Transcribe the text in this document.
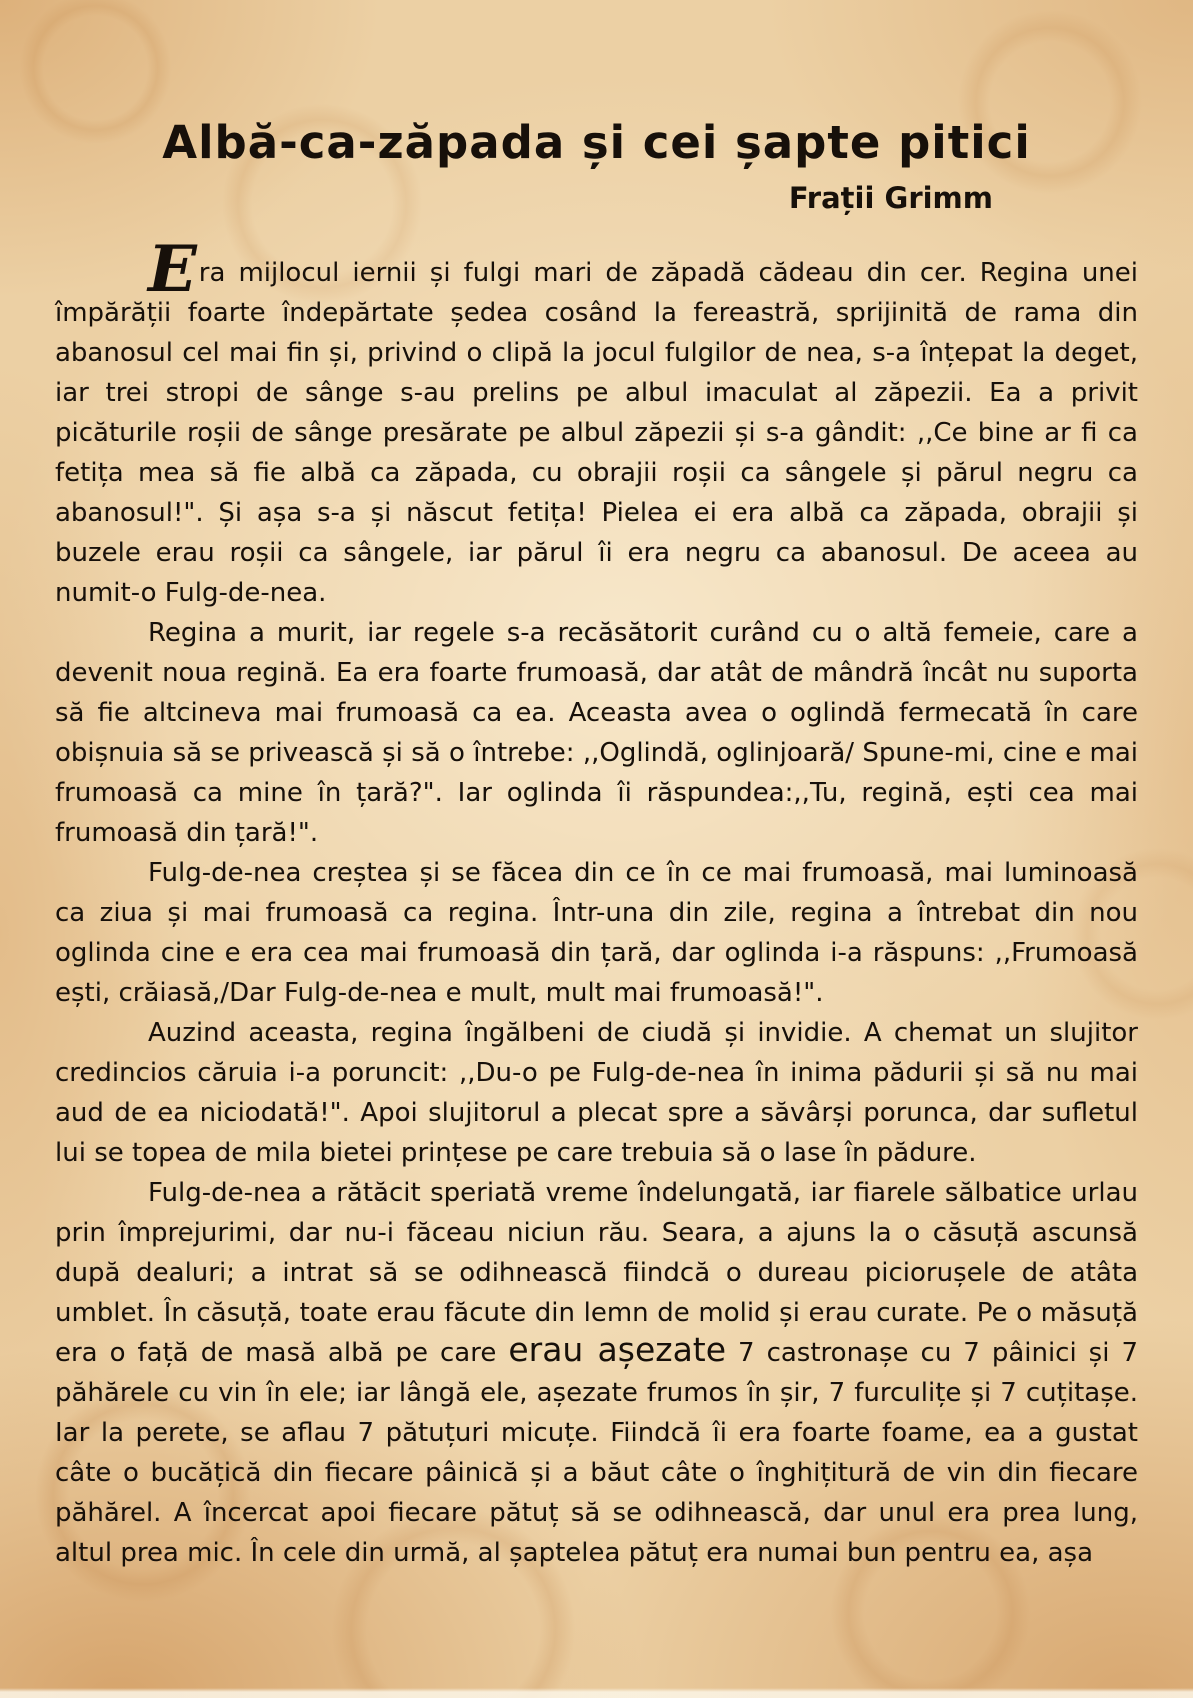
Albă-ca-zăpada și cei șapte pitici
Frații Grimm

Era mijlocul iernii și fulgi mari de zăpadă cădeau din cer. Regina unei împărății foarte îndepărtate ședea cosând la fereastră, sprijinită de rama din abanosul cel mai fin și, privind o clipă la jocul fulgilor de nea, s-a înțepat la deget, iar trei stropi de sânge s-au prelins pe albul imaculat al zăpezii. Ea a privit picăturile roșii de sânge presărate pe albul zăpezii și s-a gândit: ,,Ce bine ar fi ca fetița mea să fie albă ca zăpada, cu obrajii roșii ca sângele și părul negru ca abanosul!". Și așa s-a și născut fetița! Pielea ei era albă ca zăpada, obrajii și buzele erau roșii ca sângele, iar părul îi era negru ca abanosul. De aceea au numit-o Fulg-de-nea.

Regina a murit, iar regele s-a recăsătorit curând cu o altă femeie, care a devenit noua regină. Ea era foarte frumoasă, dar atât de mândră încât nu suporta să fie altcineva mai frumoasă ca ea. Aceasta avea o oglindă fermecată în care obișnuia să se privească și să o întrebe: ,,Oglindă, oglinjoară/ Spune-mi, cine e mai frumoasă ca mine în țară?". Iar oglinda îi răspundea:,,Tu, regină, ești cea mai frumoasă din țară!".

Fulg-de-nea creștea și se făcea din ce în ce mai frumoasă, mai luminoasă ca ziua și mai frumoasă ca regina. Într-una din zile, regina a întrebat din nou oglinda cine e era cea mai frumoasă din țară, dar oglinda i-a răspuns: ,,Frumoasă ești, crăiasă,/Dar Fulg-de-nea e mult, mult mai frumoasă!".

Auzind aceasta, regina îngălbeni de ciudă și invidie. A chemat un slujitor credincios căruia i-a poruncit: ,,Du-o pe Fulg-de-nea în inima pădurii și să nu mai aud de ea niciodată!". Apoi slujitorul a plecat spre a săvârși porunca, dar sufletul lui se topea de mila bietei prințese pe care trebuia să o lase în pădure.

Fulg-de-nea a rătăcit speriată vreme îndelungată, iar fiarele sălbatice urlau prin împrejurimi, dar nu-i făceau niciun rău. Seara, a ajuns la o căsuță ascunsă după dealuri; a intrat să se odihnească fiindcă o dureau piciorușele de atâta umblet. În căsuță, toate erau făcute din lemn de molid și erau curate. Pe o măsuță era o față de masă albă pe care erau așezate 7 castronașe cu 7 pâinici și 7 păhărele cu vin în ele; iar lângă ele, așezate frumos în șir, 7 furculițe și 7 cuțitașe. Iar la perete, se aflau 7 pătuțuri micuțe. Fiindcă îi era foarte foame, ea a gustat câte o bucățică din fiecare pâinică și a băut câte o înghițitură de vin din fiecare păhărel. A încercat apoi fiecare pătuț să se odihnească, dar unul era prea lung, altul prea mic. În cele din urmă, al șaptelea pătuț era numai bun pentru ea, așa
